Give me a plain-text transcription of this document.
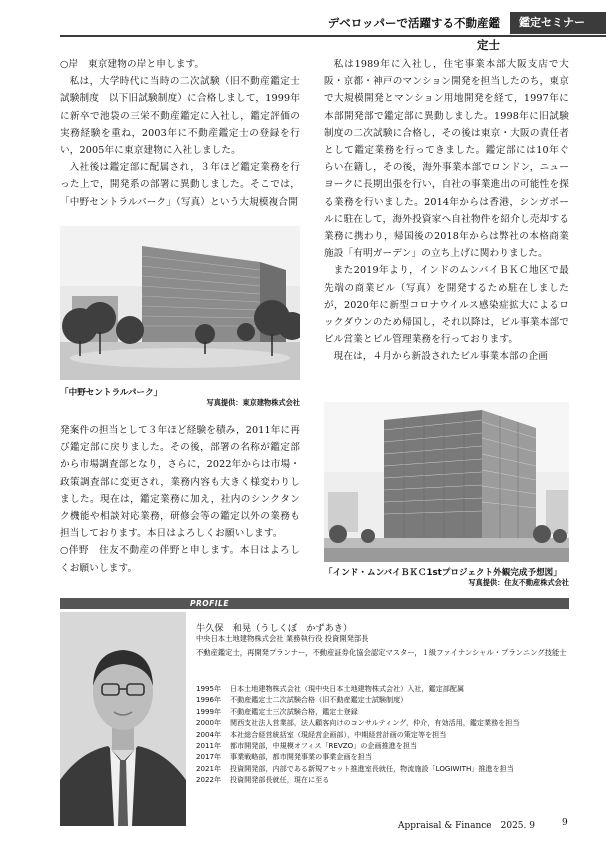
デベロッパーで活躍する不動産鑑定士
鑑定セミナー

○岸　東京建物の岸と申します。

私は，大学時代に当時の二次試験（旧不動産鑑定士試験制度　以下旧試験制度）に合格しまして，1999年に新卒で池袋の三栄不動産鑑定に入社し，鑑定評価の実務経験を重ね，2003年に不動産鑑定士の登録を行い，2005年に東京建物に入社しました。

入社後は鑑定部に配属され，３年ほど鑑定業務を行った上で，開発系の部署に異動しました。そこでは，「中野セントラルパーク」（写真）という大規模複合開

「中野セントラルパーク」
写真提供：東京建物株式会社

発案件の担当として３年ほど経験を積み，2011年に再び鑑定部に戻りました。その後，部署の名称が鑑定部から市場調査部となり，さらに，2022年からは市場・政策調査部に変更され，業務内容も大きく様変わりしました。現在は，鑑定業務に加え，社内のシンクタンク機能や相談対応業務，研修会等の鑑定以外の業務も担当しております。本日はよろしくお願いします。

○伴野　住友不動産の伴野と申します。本日はよろしくお願いします。

私は1989年に入社し，住宅事業本部大阪支店で大阪・京都・神戸のマンション開発を担当したのち，東京で大規模開発とマンション用地開発を経て，1997年に本部開発部で鑑定部に異動しました。1998年に旧試験制度の二次試験に合格し，その後は東京・大阪の責任者として鑑定業務を行ってきました。鑑定部には10年ぐらい在籍し，その後，海外事業本部でロンドン，ニューヨークに長期出張を行い，自社の事業進出の可能性を探る業務を行いました。2014年からは香港，シンガポールに駐在して，海外投資家へ自社物件を紹介し売却する業務に携わり，帰国後の2018年からは弊社の本格商業施設「有明ガーデン」の立ち上げに関わりました。

また2019年より，インドのムンバイＢＫＣ地区で最先端の商業ビル（写真）を開発するため駐在しましたが，2020年に新型コロナウイルス感染症拡大によるロックダウンのため帰国し，それ以降は，ビル事業本部でビル営業とビル管理業務を行っております。

現在は，４月から新設されたビル事業本部の企画

「インド・ムンバイＢＫＣ1stプロジェクト外観完成予想図」
写真提供：住友不動産株式会社
PROFILE
牛久保　和晃（うしくぼ　かずあき）
中央日本土地建物株式会社 業務執行役 投資開発部長
不動産鑑定士，再開発プランナー，不動産証券化協会認定マスター，１級ファイナンシャル・プランニング技能士
1995年	日本土地建物株式会社（現中央日本土地建物株式会社）入社，鑑定部配属
1996年	不動産鑑定士二次試験合格（旧不動産鑑定士試験制度）
1999年	不動産鑑定士三次試験合格，鑑定士登録
2000年	関西支社法人営業部，法人顧客向けのコンサルティング，仲介，有効活用，鑑定業務を担当
2004年	本社総合経営統括室（現経営企画部），中期経営計画の策定等を担当
2011年	都市開発部，中規模オフィス「REVZO」の企画推進を担当
2017年	事業戦略部，都市開発事業の事業企画を担当
2021年	投資開発部，内部である新規アセット推進室長就任，物流施設「LOGIWITH」推進を担当
2022年	投資開発部長就任，現在に至る
Appraisal & Finance　2025. 9	9
